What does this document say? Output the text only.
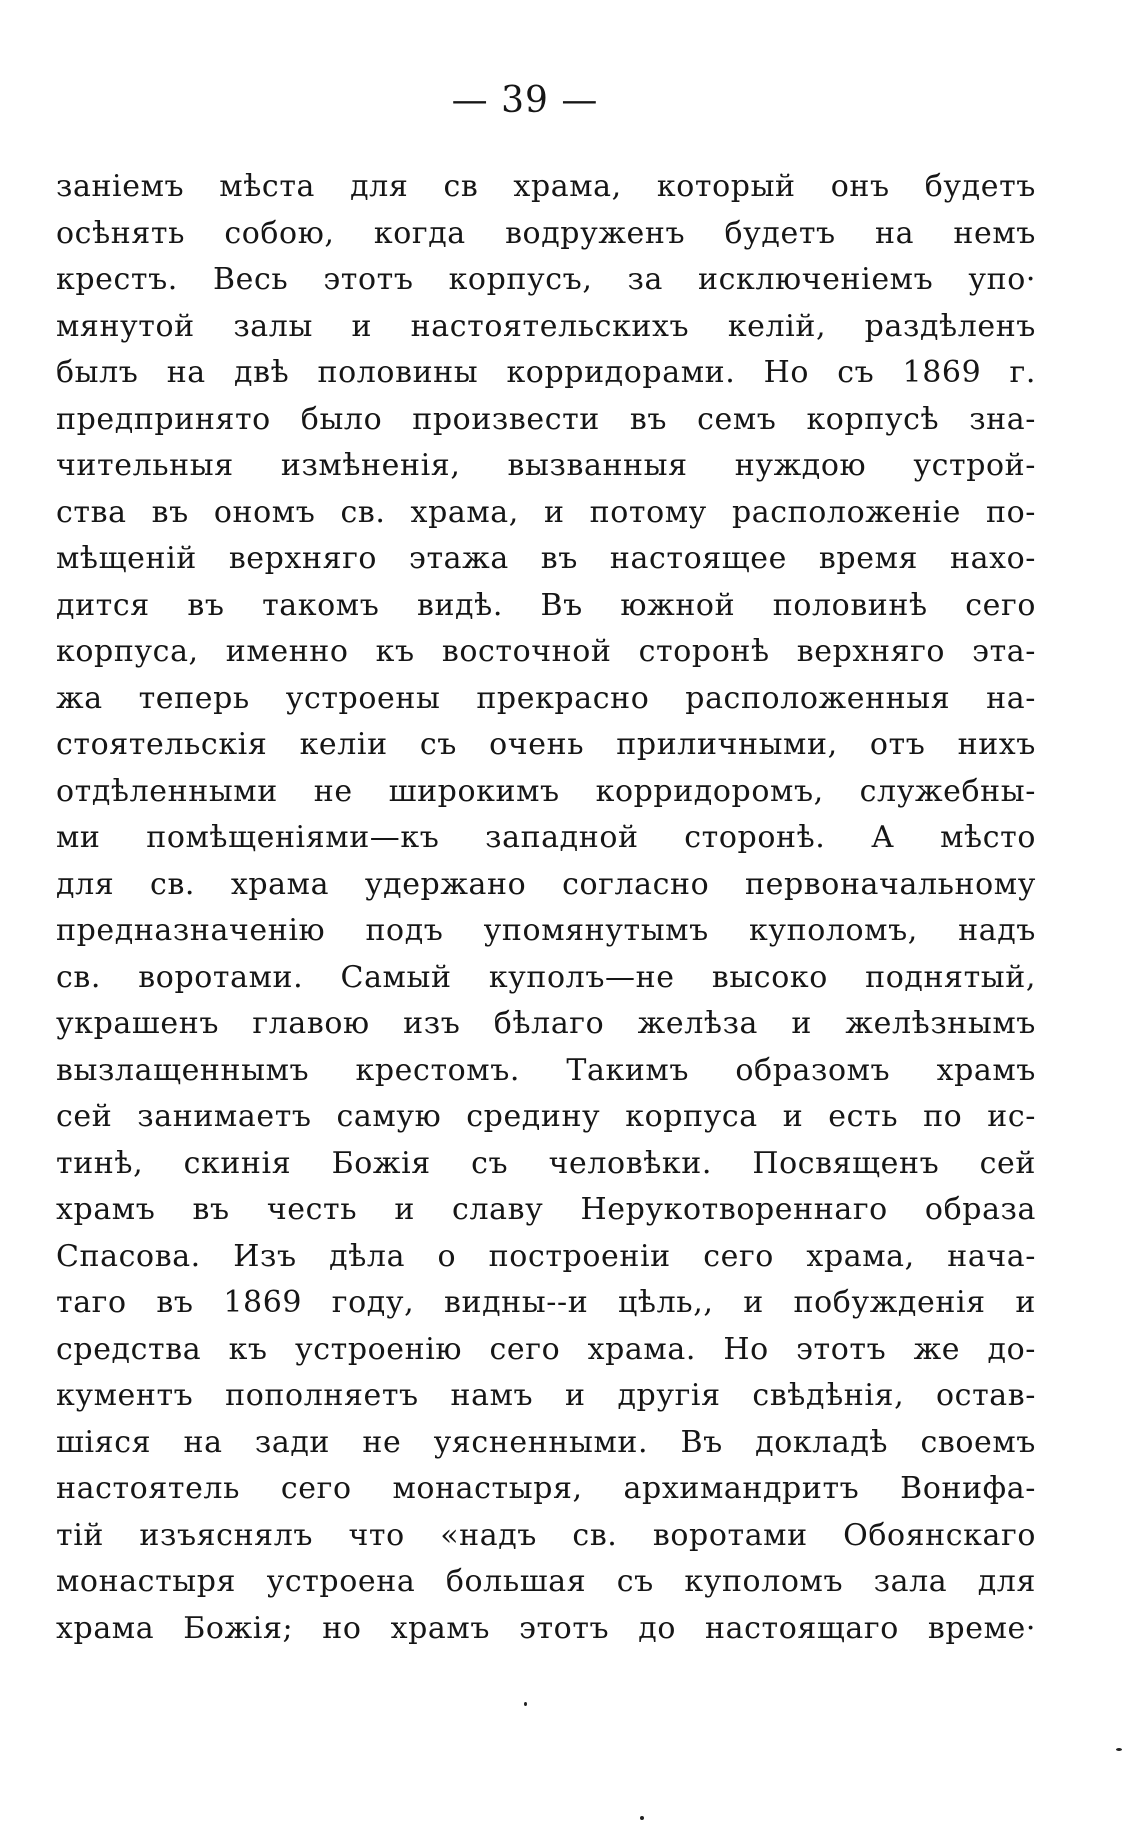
— 39 —
заніемъ мѣста для св храма, который онъ будетъ
осѣнять собою, когда водруженъ будетъ на немъ
крестъ. Весь этотъ корпусъ, за исключеніемъ упо·
мянутой залы и настоятельскихъ келій, раздѣленъ
былъ на двѣ половины корридорами. Но съ 1869 г.
предпринято было произвести въ семъ корпусѣ зна-
чительныя измѣненія, вызванныя нуждою устрой-
ства въ ономъ св. храма, и потому расположеніе по-
мѣщеній верхняго этажа въ настоящее время нахо-
дится въ такомъ видѣ. Въ южной половинѣ сего
корпуса, именно къ восточной сторонѣ верхняго эта-
жа теперь устроены прекрасно расположенныя на-
стоятельскія келіи съ очень приличными, отъ нихъ
отдѣленными не широкимъ корридоромъ, служебны-
ми помѣщеніями—къ западной сторонѣ. А мѣсто
для св. храма удержано согласно первоначальному
предназначенію подъ упомянутымъ куполомъ, надъ
св. воротами. Самый куполъ—не высоко поднятый,
украшенъ главою изъ бѣлаго желѣза и желѣзнымъ
вызлащеннымъ крестомъ. Такимъ образомъ храмъ
сей занимаетъ самую средину корпуса и есть по ис-
тинѣ, скинія Божія съ человѣки. Посвященъ сей
храмъ въ честь и славу Нерукотвореннаго образа
Спасова. Изъ дѣла о построеніи сего храма, нача-
таго въ 1869 году, видны--и цѣль,, и побужденія и
средства къ устроенію сего храма. Но этотъ же до-
кументъ пополняетъ намъ и другія свѣдѣнія, остав-
шіяся на зади не уясненными. Въ докладѣ своемъ
настоятель сего монастыря, архимандритъ Вонифа-
тій изъяснялъ что «надъ св. воротами Обоянскаго
монастыря устроена большая съ куполомъ зала для
храма Божія; но храмъ этотъ до настоящаго време·
